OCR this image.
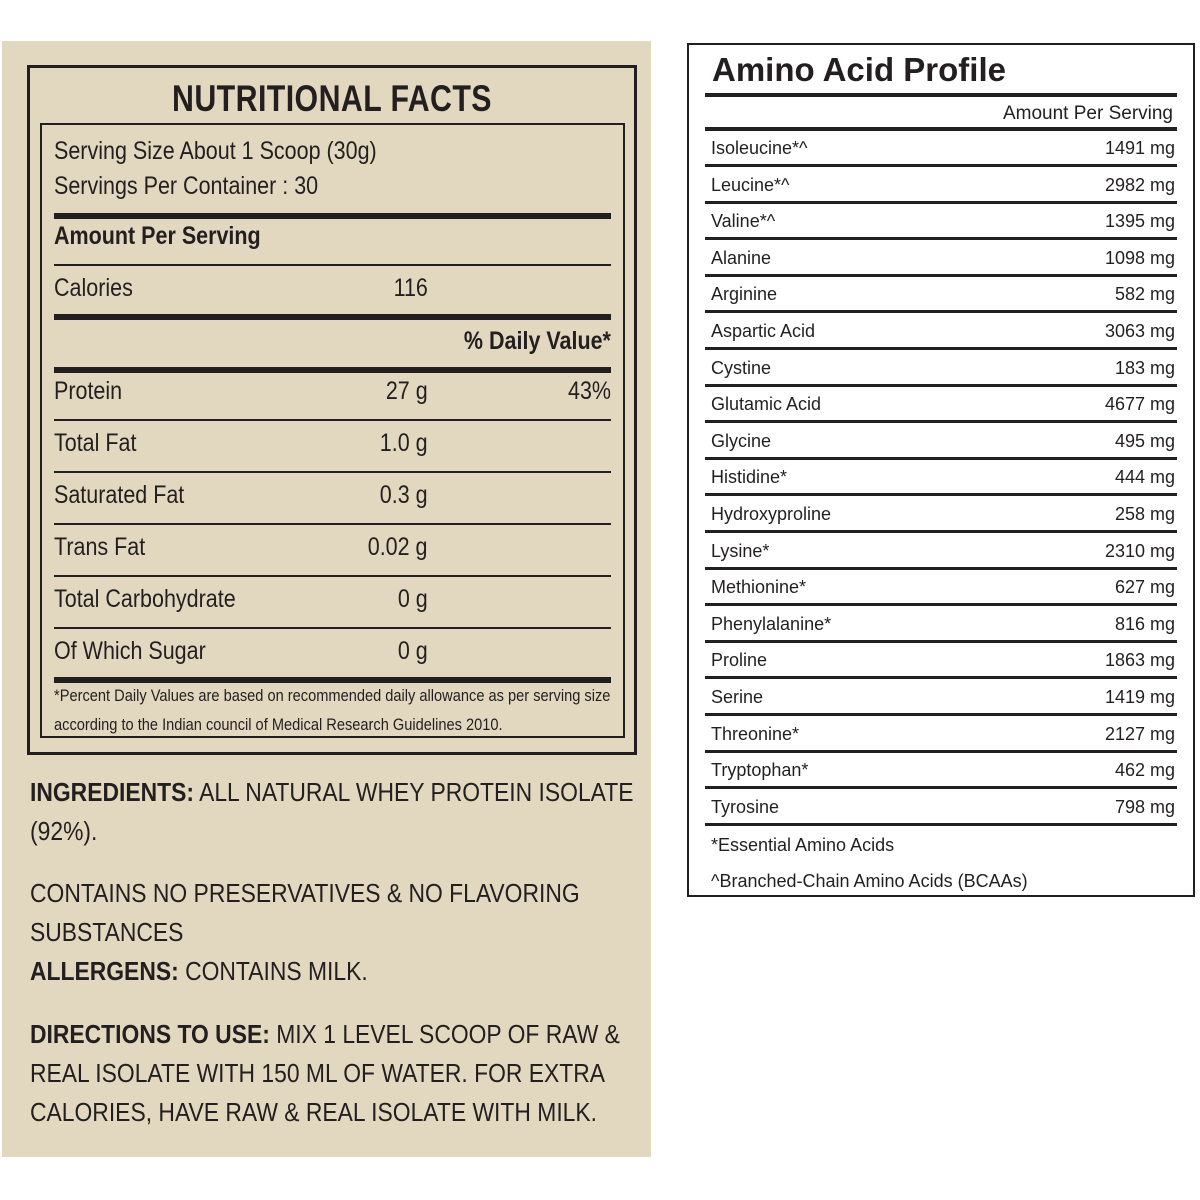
NUTRITIONAL FACTS
Serving Size About 1 Scoop (30g)
Servings Per Container : 30
Amount Per Serving
Calories	116
% Daily Value*
Protein	27 g	43%
Total Fat	1.0 g
Saturated Fat	0.3 g
Trans Fat	0.02 g
Total Carbohydrate	0 g
Of Which Sugar	0 g
*Percent Daily Values are based on recommended daily allowance as per serving size
according to the Indian council of Medical Research Guidelines 2010.
INGREDIENTS: ALL NATURAL WHEY PROTEIN ISOLATE
(92%).
CONTAINS NO PRESERVATIVES & NO FLAVORING
SUBSTANCES
ALLERGENS: CONTAINS MILK.
DIRECTIONS TO USE: MIX 1 LEVEL SCOOP OF RAW &
REAL ISOLATE WITH 150 ML OF WATER. FOR EXTRA
CALORIES, HAVE RAW & REAL ISOLATE WITH MILK.
Amino Acid Profile
Amount Per Serving
Isoleucine*^	1491 mg
Leucine*^	2982 mg
Valine*^	1395 mg
Alanine	1098 mg
Arginine	582 mg
Aspartic Acid	3063 mg
Cystine	183 mg
Glutamic Acid	4677 mg
Glycine	495 mg
Histidine*	444 mg
Hydroxyproline	258 mg
Lysine*	2310 mg
Methionine*	627 mg
Phenylalanine*	816 mg
Proline	1863 mg
Serine	1419 mg
Threonine*	2127 mg
Tryptophan*	462 mg
Tyrosine	798 mg
*Essential Amino Acids
^Branched-Chain Amino Acids (BCAAs)
